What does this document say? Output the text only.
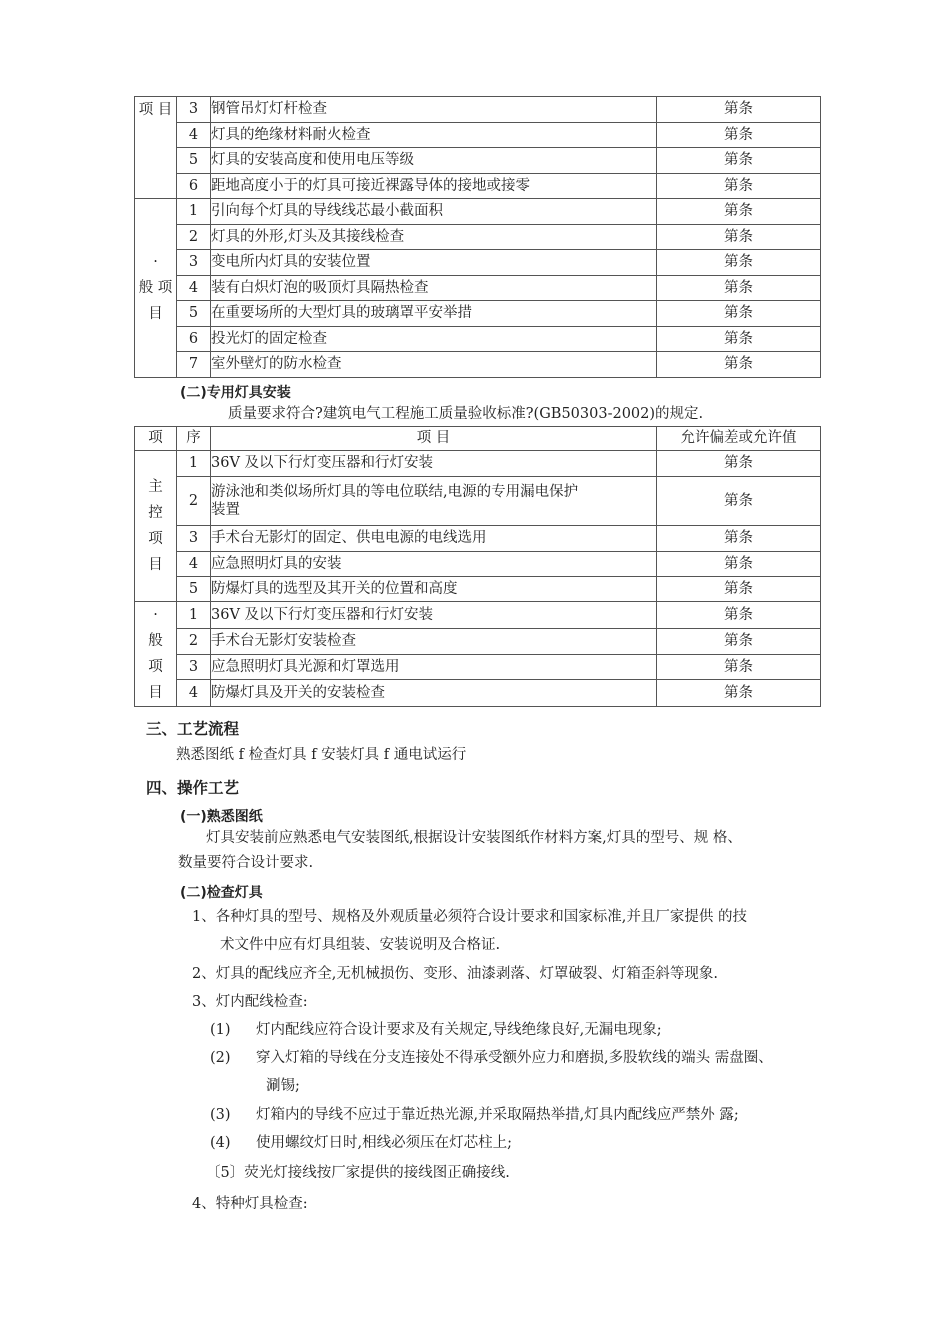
项 目	3	钢管吊灯灯杆检查	第条
	4	灯具的绝缘材料耐火检查	第条
	5	灯具的安装高度和使用电压等级	第条
	6	距地高度小于的灯具可接近裸露导体的接地或接零	第条
·
般 项
目	1	引向每个灯具的导线线芯最小截面积	第条
	2	灯具的外形,灯头及其接线检查	第条
	3	变电所内灯具的安装位置	第条
	4	装有白炽灯泡的吸顶灯具隔热检查	第条
	5	在重要场所的大型灯具的玻璃罩平安举措	第条
	6	投光灯的固定检查	第条
	7	室外壁灯的防水检查	第条
(二)专用灯具安装
质量要求符合?建筑电气工程施工质量验收标准?(GB50303-2002)的规定.
项	序	项 目	允许偏差或允许值
主
控
项
目	1	36V 及以下行灯变压器和行灯安装	第条
	2	游泳池和类似场所灯具的等电位联结,电源的专用漏电保护
装置	第条
	3	手术台无影灯的固定、供电电源的电线选用	第条
	4	应急照明灯具的安装	第条
	5	防爆灯具的选型及其开关的位置和高度	第条
·
般
项
目	1	36V 及以下行灯变压器和行灯安装	第条
	2	手术台无影灯安装检查	第条
	3	应急照明灯具光源和灯罩选用	第条
	4	防爆灯具及开关的安装检查	第条
三、工艺流程
熟悉图纸 f 检查灯具 f 安装灯具 f 通电试运行
四、操作工艺
(一)熟悉图纸
灯具安装前应熟悉电气安装图纸,根据设计安装图纸作材料方案,灯具的型号、规 格、
数量要符合设计要求.
(二)检查灯具
1、各种灯具的型号、规格及外观质量必须符合设计要求和国家标准,并且厂家提供 的技
术文件中应有灯具组装、安装说明及合格证.
2、灯具的配线应齐全,无机械损伤、变形、油漆剥落、灯罩破裂、灯箱歪斜等现象.
3、灯内配线检查:
(1) 灯内配线应符合设计要求及有关规定,导线绝缘良好,无漏电现象;
(2) 穿入灯箱的导线在分支连接处不得承受额外应力和磨损,多股软线的端头 需盘圈、
涮锡;
(3) 灯箱内的导线不应过于靠近热光源,并采取隔热举措,灯具内配线应严禁外 露;
(4) 使用螺纹灯日时,相线必须压在灯芯柱上;
〔5〕荧光灯接线按厂家提供的接线图正确接线.
4、特种灯具检查:
